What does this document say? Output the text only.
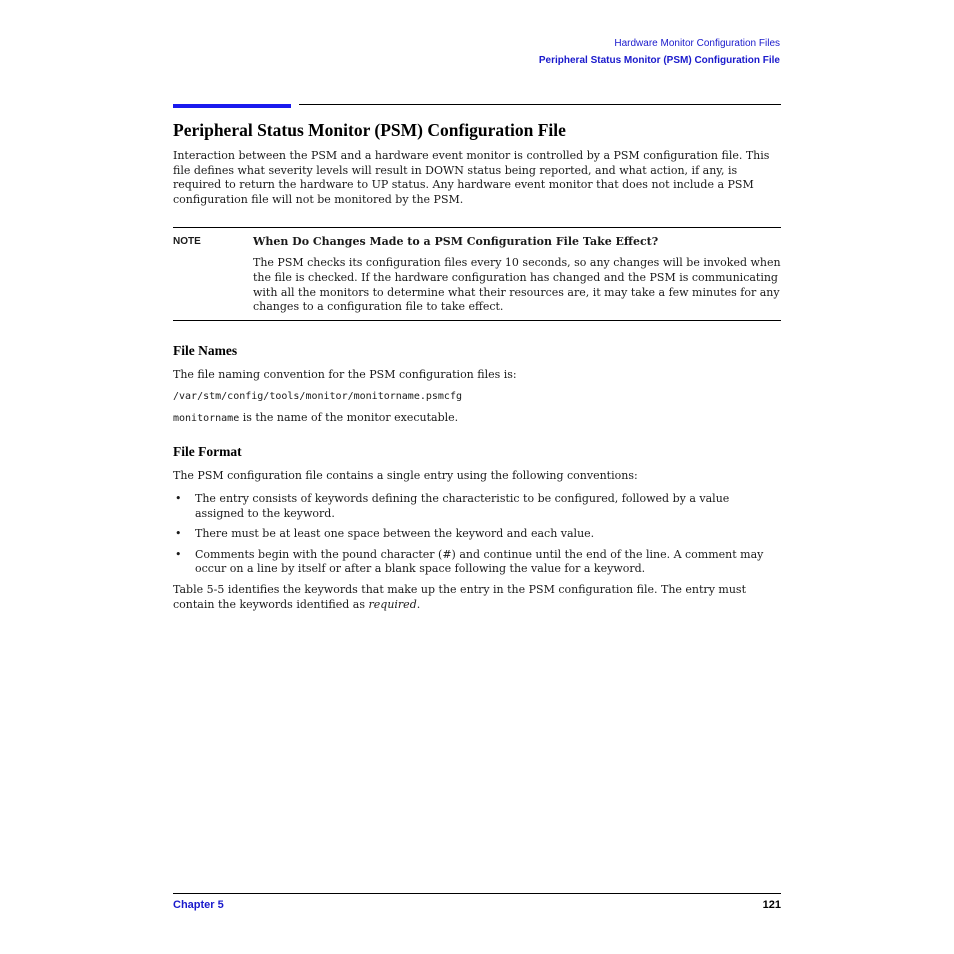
Hardware Monitor Configuration Files
Peripheral Status Monitor (PSM) Configuration File
Peripheral Status Monitor (PSM) Configuration File

Interaction between the PSM and a hardware event monitor is controlled by a PSM configuration file. This file defines what severity levels will result in DOWN status being reported, and what action, if any, is required to return the hardware to UP status. Any hardware event monitor that does not include a PSM configuration file will not be monitored by the PSM.

NOTE	When Do Changes Made to a PSM Configuration File Take Effect?

The PSM checks its configuration files every 10 seconds, so any changes will be invoked when the file is checked. If the hardware configuration has changed and the PSM is communicating with all the monitors to determine what their resources are, it may take a few minutes for any changes to a configuration file to take effect.

File Names

The file naming convention for the PSM configuration files is:

/var/stm/config/tools/monitor/monitorname.psmcfg

monitorname is the name of the monitor executable.

File Format

The PSM configuration file contains a single entry using the following conventions:

•	The entry consists of keywords defining the characteristic to be configured, followed by a value assigned to the keyword.
•	There must be at least one space between the keyword and each value.
•	Comments begin with the pound character (#) and continue until the end of the line. A comment may occur on a line by itself or after a blank space following the value for a keyword.

Table 5-5 identifies the keywords that make up the entry in the PSM configuration file. The entry must contain the keywords identified as required.

Chapter 5	121
